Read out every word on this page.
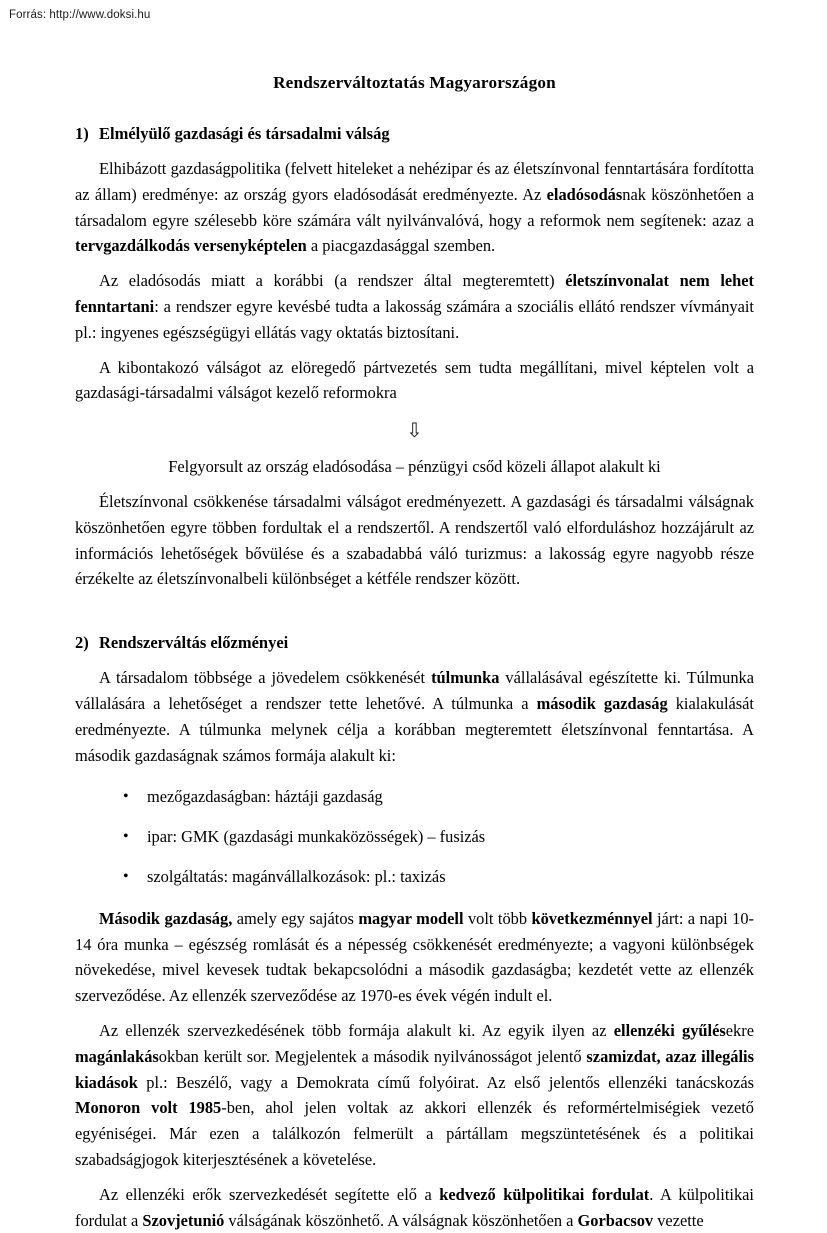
Forrás: http://www.doksi.hu
Rendszerváltoztatás Magyarországon
1) Elmélyülő gazdasági és társadalmi válság

Elhibázott gazdaságpolitika (felvett hiteleket a nehézipar és az életszínvonal fenntartására fordította az állam) eredménye: az ország gyors eladósodását eredményezte. Az eladósodásnak köszönhetően a társadalom egyre szélesebb köre számára vált nyilvánvalóvá, hogy a reformok nem segítenek: azaz a tervgazdálkodás versenyképtelen a piacgazdasággal szemben.

Az eladósodás miatt a korábbi (a rendszer által megteremtett) életszínvonalat nem lehet fenntartani: a rendszer egyre kevésbé tudta a lakosság számára a szociális ellátó rendszer vívmányait pl.: ingyenes egészségügyi ellátás vagy oktatás biztosítani.

A kibontakozó válságot az elöregedő pártvezetés sem tudta megállítani, mivel képtelen volt a gazdasági-társadalmi válságot kezelő reformokra

⇩

Felgyorsult az ország eladósodása – pénzügyi csőd közeli állapot alakult ki

Életszínvonal csökkenése társadalmi válságot eredményezett. A gazdasági és társadalmi válságnak köszönhetően egyre többen fordultak el a rendszertől. A rendszertől való elforduláshoz hozzájárult az információs lehetőségek bővülése és a szabadabbá váló turizmus: a lakosság egyre nagyobb része érzékelte az életszínvonalbeli különbséget a kétféle rendszer között.

2) Rendszerváltás előzményei

A társadalom többsége a jövedelem csökkenését túlmunka vállalásával egészítette ki. Túlmunka vállalására a lehetőséget a rendszer tette lehetővé. A túlmunka a második gazdaság kialakulását eredményezte. A túlmunka melynek célja a korábban megteremtett életszínvonal fenntartása. A második gazdaságnak számos formája alakult ki:

• mezőgazdaságban: háztáji gazdaság
• ipar: GMK (gazdasági munkaközösségek) – fusizás
• szolgáltatás: magánvállalkozások: pl.: taxizás

Második gazdaság, amely egy sajátos magyar modell volt több következménnyel járt: a napi 10-14 óra munka – egészség romlását és a népesség csökkenését eredményezte; a vagyoni különbségek növekedése, mivel kevesek tudtak bekapcsolódni a második gazdaságba; kezdetét vette az ellenzék szerveződése. Az ellenzék szerveződése az 1970-es évek végén indult el.

Az ellenzék szervezkedésének több formája alakult ki. Az egyik ilyen az ellenzéki gyűlésekre magánlakásokban került sor. Megjelentek a második nyilvánosságot jelentő szamizdat, azaz illegális kiadások pl.: Beszélő, vagy a Demokrata című folyóirat. Az első jelentős ellenzéki tanácskozás Monoron volt 1985-ben, ahol jelen voltak az akkori ellenzék és reformértelmiségiek vezető egyéniségei. Már ezen a találkozón felmerült a pártállam megszüntetésének és a politikai szabadságjogok kiterjesztésének a követelése.

Az ellenzéki erők szervezkedését segítette elő a kedvező külpolitikai fordulat. A külpolitikai fordulat a Szovjetunió válságának köszönhető. A válságnak köszönhetően a Gorbacsov vezette
